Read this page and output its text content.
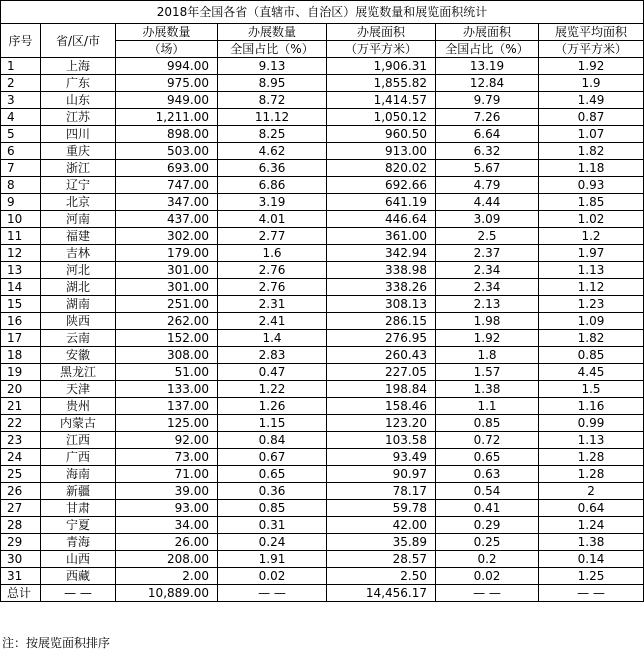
2018年全国各省（直辖市、自治区）展览数量和展览面积统计						
序号	省/区/市	办展数量	办展数量	办展面积	办展面积	展览平均面积
		（场）	全国占比（%）	（万平方米）	全国占比（%）	（万平方米）
1	上海	994.00	9.13	1,906.31	13.19	1.92
2	广东	975.00	8.95	1,855.82	12.84	1.9
3	山东	949.00	8.72	1,414.57	9.79	1.49
4	江苏	1,211.00	11.12	1,050.12	7.26	0.87
5	四川	898.00	8.25	960.50	6.64	1.07
6	重庆	503.00	4.62	913.00	6.32	1.82
7	浙江	693.00	6.36	820.02	5.67	1.18
8	辽宁	747.00	6.86	692.66	4.79	0.93
9	北京	347.00	3.19	641.19	4.44	1.85
10	河南	437.00	4.01	446.64	3.09	1.02
11	福建	302.00	2.77	361.00	2.5	1.2
12	吉林	179.00	1.6	342.94	2.37	1.97
13	河北	301.00	2.76	338.98	2.34	1.13
14	湖北	301.00	2.76	338.26	2.34	1.12
15	湖南	251.00	2.31	308.13	2.13	1.23
16	陕西	262.00	2.41	286.15	1.98	1.09
17	云南	152.00	1.4	276.95	1.92	1.82
18	安徽	308.00	2.83	260.43	1.8	0.85
19	黑龙江	51.00	0.47	227.05	1.57	4.45
20	天津	133.00	1.22	198.84	1.38	1.5
21	贵州	137.00	1.26	158.46	1.1	1.16
22	内蒙古	125.00	1.15	123.20	0.85	0.99
23	江西	92.00	0.84	103.58	0.72	1.13
24	广西	73.00	0.67	93.49	0.65	1.28
25	海南	71.00	0.65	90.97	0.63	1.28
26	新疆	39.00	0.36	78.17	0.54	2
27	甘肃	93.00	0.85	59.78	0.41	0.64
28	宁夏	34.00	0.31	42.00	0.29	1.24
29	青海	26.00	0.24	35.89	0.25	1.38
30	山西	208.00	1.91	28.57	0.2	0.14
31	西藏	2.00	0.02	2.50	0.02	1.25
总计	— —	10,889.00	— —	14,456.17	— —	— —
注：按展览面积排序
